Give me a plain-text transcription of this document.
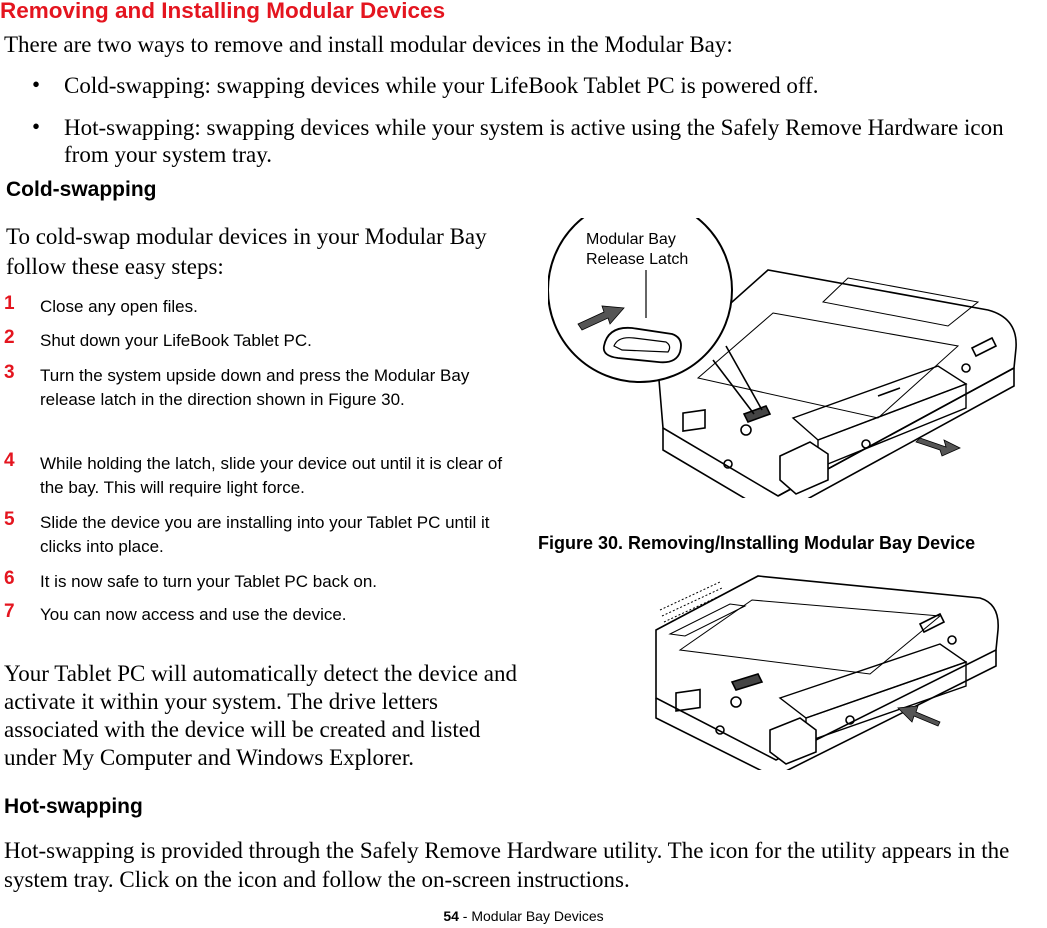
Removing and Installing Modular Devices
There are two ways to remove and install modular devices in the Modular Bay:
• Cold-swapping: swapping devices while your LifeBook Tablet PC is powered off.
• Hot-swapping: swapping devices while your system is active using the Safely Remove Hardware icon from your system tray.
Cold-swapping
To cold-swap modular devices in your Modular Bay follow these easy steps:
1 Close any open files.
2 Shut down your LifeBook Tablet PC.
3 Turn the system upside down and press the Modular Bay release latch in the direction shown in Figure 30.
4 While holding the latch, slide your device out until it is clear of the bay. This will require light force.
5 Slide the device you are installing into your Tablet PC until it clicks into place.
6 It is now safe to turn your Tablet PC back on.
7 You can now access and use the device.
Your Tablet PC will automatically detect the device and activate it within your system. The drive letters associated with the device will be created and listed under My Computer and Windows Explorer.
Modular Bay
Release Latch
Figure 30. Removing/Installing Modular Bay Device
Hot-swapping
Hot-swapping is provided through the Safely Remove Hardware utility. The icon for the utility appears in the system tray. Click on the icon and follow the on-screen instructions.
54 - Modular Bay Devices
